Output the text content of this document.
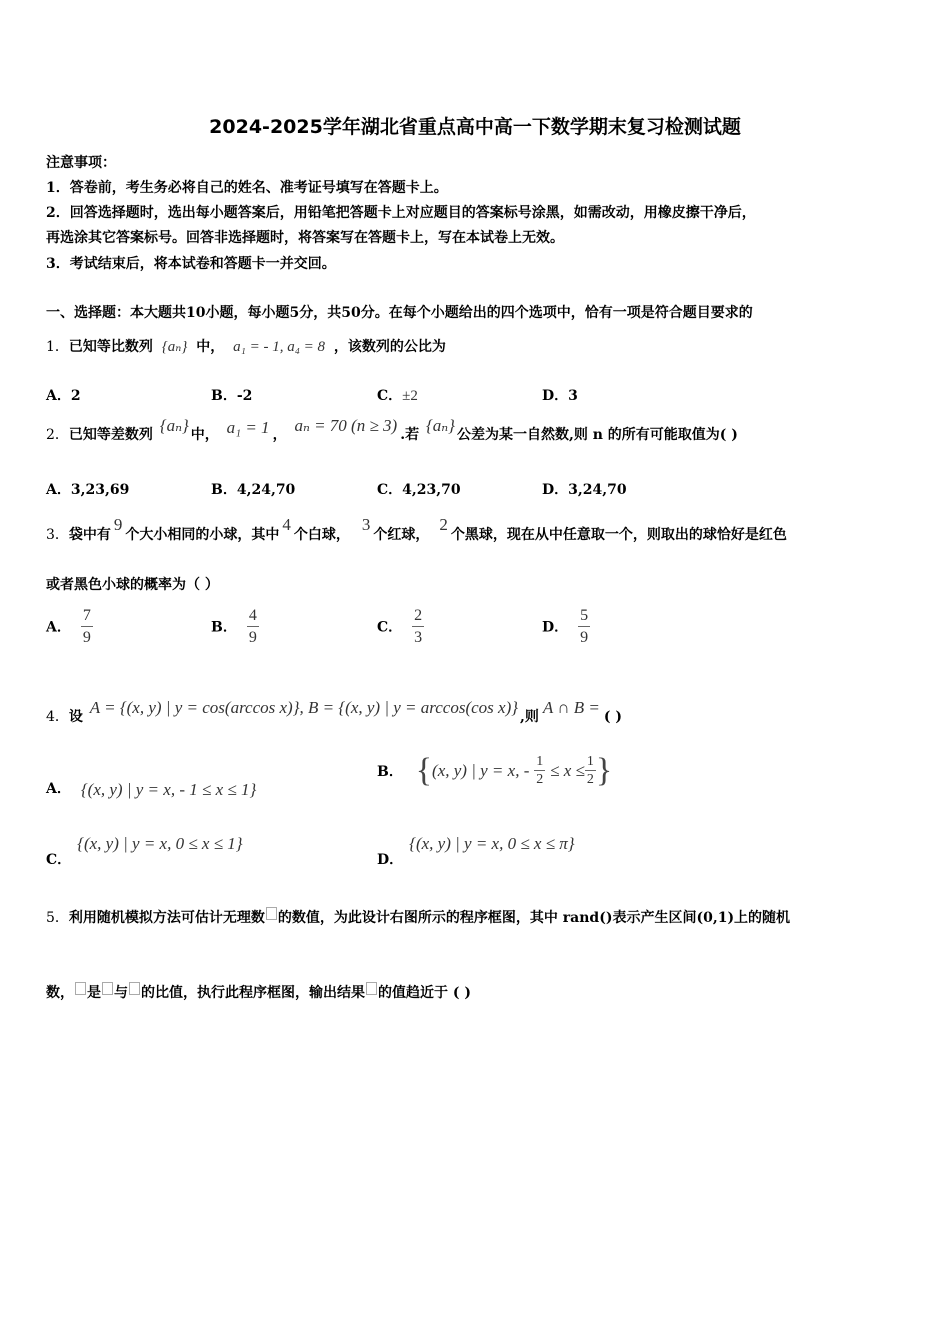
2024-2025学年湖北省重点高中高一下数学期末复习检测试题
注意事项：
1．答卷前，考生务必将自己的姓名、准考证号填写在答题卡上。
2．回答选择题时，选出每小题答案后，用铅笔把答题卡上对应题目的答案标号涂黑，如需改动，用橡皮擦干净后，
再选涂其它答案标号。回答非选择题时，将答案写在答题卡上，写在本试卷上无效。
3．考试结束后，将本试卷和答题卡一并交回。
一、选择题：本大题共10小题，每小题5分，共50分。在每个小题给出的四个选项中，恰有一项是符合题目要求的
1．已知等比数列 {aₙ} 中， a₁ = - 1, a₄ = 8 ，该数列的公比为
A．2	B．-2	C．±2	D．3
2．已知等差数列 {aₙ} 中， a₁ = 1 ， aₙ = 70 (n ≥ 3) .若 {aₙ} 公差为某一自然数,则 n 的所有可能取值为( )
A．3,23,69	B．4,24,70	C．4,23,70	D．3,24,70
3．袋中有9个大小相同的小球，其中4个白球，3个红球，2个黑球，现在从中任意取一个，则取出的球恰好是红色
或者黑色小球的概率为（ ）
A． $\frac{7}{9}$	B． $\frac{4}{9}$	C． $\frac{2}{3}$	D． $\frac{5}{9}$
4．设 A = {(x, y) | y = cos(arccos x)}, B = {(x, y) | y = arccos(cos x)} ,则 A ∩ B = ( )
A． {(x, y) | y = x, - 1 ≤ x ≤ 1}
B． {(x, y) | y = x, - $\frac{1}{2} \le x \le \frac{1}{2}$ }
C．{(x, y) | y = x, 0 ≤ x ≤ 1}
D．{(x, y) | y = x, 0 ≤ x ≤ π}
5．利用随机模拟方法可估计无理数 的数值，为此设计右图所示的程序框图，其中 rand()表示产生区间(0,1)上的随机
数， 是 与 的比值，执行此程序框图，输出结果 的值趋近于 ( )
